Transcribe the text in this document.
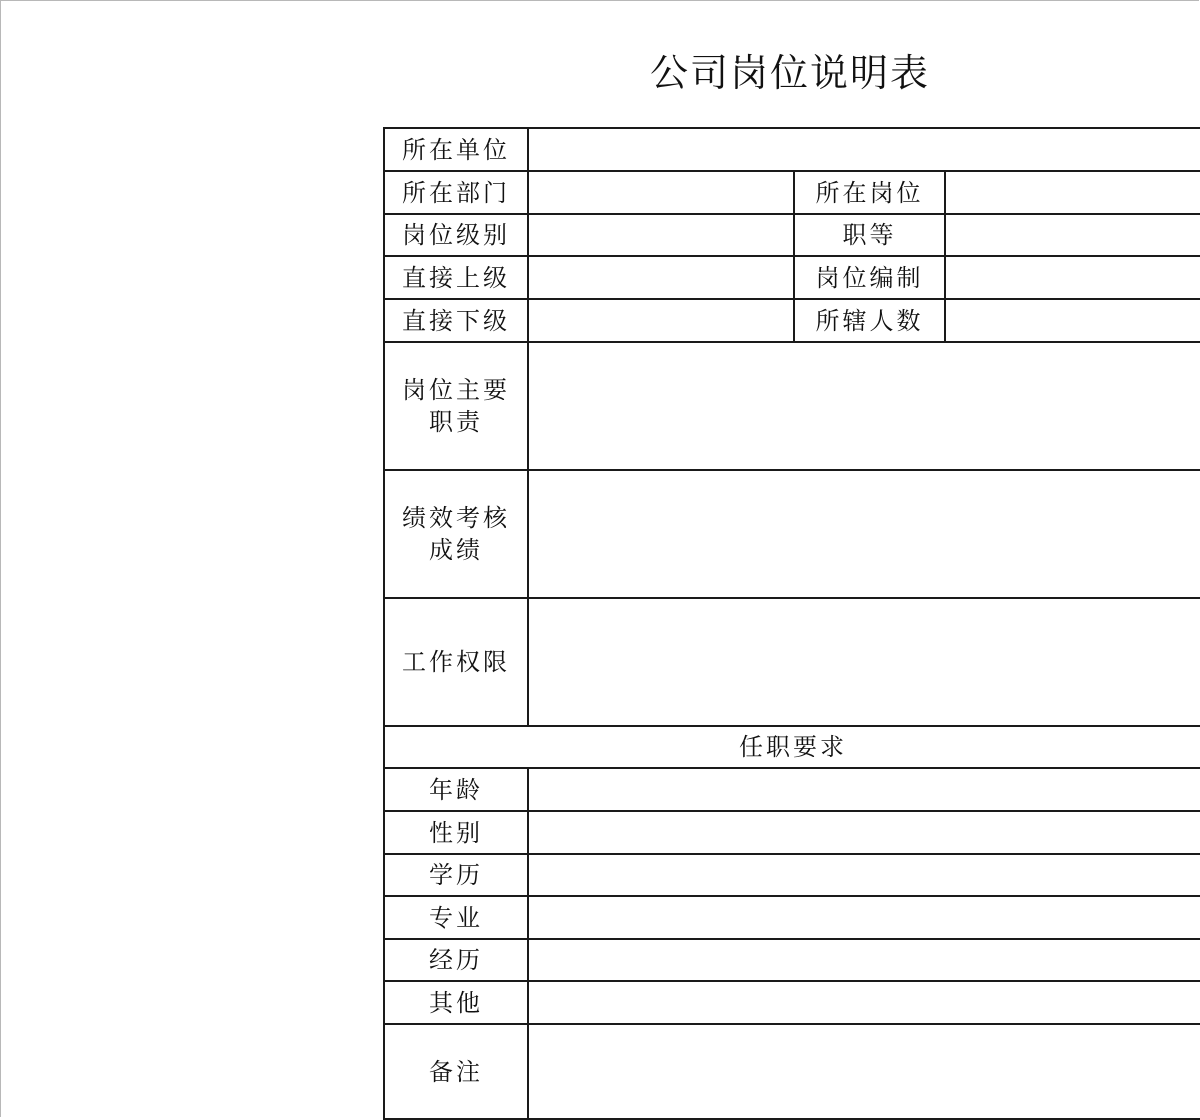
公司岗位说明表
所在单位			
所在部门		所在岗位	
岗位级别		职等	
直接上级		岗位编制	
直接下级		所辖人数	
岗位主要职责			
绩效考核成绩			
工作权限			
任职要求			
年龄			
性别			
学历			
专业			
经历			
其他			
备注			
